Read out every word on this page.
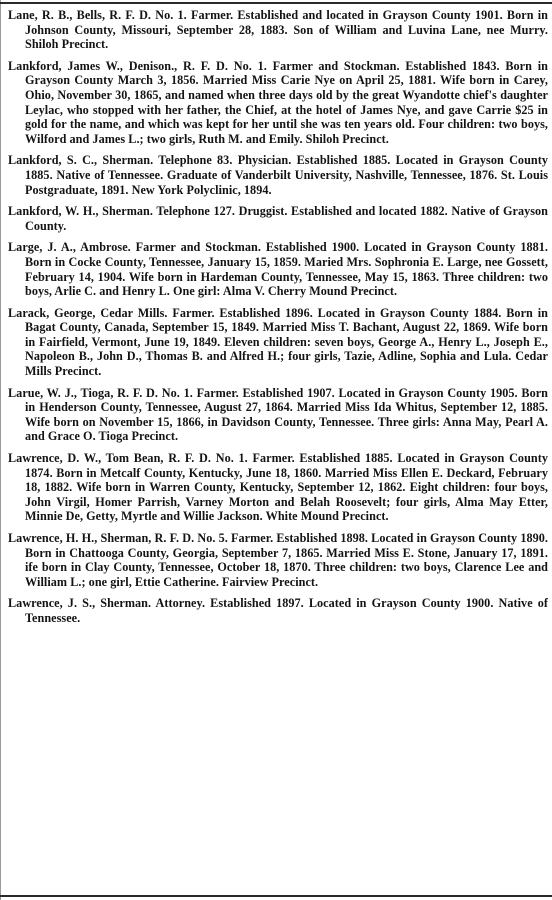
Lane, R. B., Bells, R. F. D. No. 1. Farmer. Established and located in Grayson County 1901. Born in Johnson County, Missouri, September 28, 1883. Son of William and Luvina Lane, nee Murry. Shiloh Precinct.

Lankford, James W., Denison., R. F. D. No. 1. Farmer and Stockman. Established 1843. Born in Grayson County March 3, 1856. Married Miss Carie Nye on April 25, 1881. Wife born in Carey, Ohio, November 30, 1865, and named when three days old by the great Wyandotte chief's daughter Leylac, who stopped with her father, the Chief, at the hotel of James Nye, and gave Carrie $25 in gold for the name, and which was kept for her until she was ten years old. Four children: two boys, Wilford and James L.; two girls, Ruth M. and Emily. Shiloh Precinct.

Lankford, S. C., Sherman. Telephone 83. Physician. Established 1885. Located in Grayson County 1885. Native of Tennessee. Graduate of Vanderbilt University, Nashville, Tennessee, 1876. St. Louis Postgraduate, 1891. New York Polyclinic, 1894.

Lankford, W. H., Sherman. Telephone 127. Druggist. Established and located 1882. Native of Grayson County.

Large, J. A., Ambrose. Farmer and Stockman. Established 1900. Located in Grayson County 1881. Born in Cocke County, Tennessee, January 15, 1859. Maried Mrs. Sophronia E. Large, nee Gossett, February 14, 1904. Wife born in Hardeman County, Tennessee, May 15, 1863. Three children: two boys, Arlie C. and Henry L. One girl: Alma V. Cherry Mound Precinct.

Larack, George, Cedar Mills. Farmer. Established 1896. Located in Grayson County 1884. Born in Bagat County, Canada, September 15, 1849. Married Miss T. Bachant, August 22, 1869. Wife born in Fairfield, Vermont, June 19, 1849. Eleven children: seven boys, George A., Henry L., Joseph E., Napoleon B., John D., Thomas B. and Alfred H.; four girls, Tazie, Adline, Sophia and Lula. Cedar Mills Precinct.

Larue, W. J., Tioga, R. F. D. No. 1. Farmer. Established 1907. Located in Grayson County 1905. Born in Henderson County, Tennessee, August 27, 1864. Married Miss Ida Whitus, September 12, 1885. Wife born on November 15, 1866, in Davidson County, Tennessee. Three girls: Anna May, Pearl A. and Grace O. Tioga Precinct.

Lawrence, D. W., Tom Bean, R. F. D. No. 1. Farmer. Established 1885. Located in Grayson County 1874. Born in Metcalf County, Kentucky, June 18, 1860. Married Miss Ellen E. Deckard, February 18, 1882. Wife born in Warren County, Kentucky, September 12, 1862. Eight children: four boys, John Virgil, Homer Parrish, Varney Morton and Belah Roosevelt; four girls, Alma May Etter, Minnie De, Getty, Myrtle and Willie Jackson. White Mound Precinct.

Lawrence, H. H., Sherman, R. F. D. No. 5. Farmer. Established 1898. Located in Grayson County 1890. Born in Chattooga County, Georgia, September 7, 1865. Married Miss E. Stone, January 17, 1891. ife born in Clay County, Tennessee, October 18, 1870. Three children: two boys, Clarence Lee and William L.; one girl, Ettie Catherine. Fairview Precinct.

Lawrence, J. S., Sherman. Attorney. Established 1897. Located in Grayson County 1900. Native of Tennessee.
